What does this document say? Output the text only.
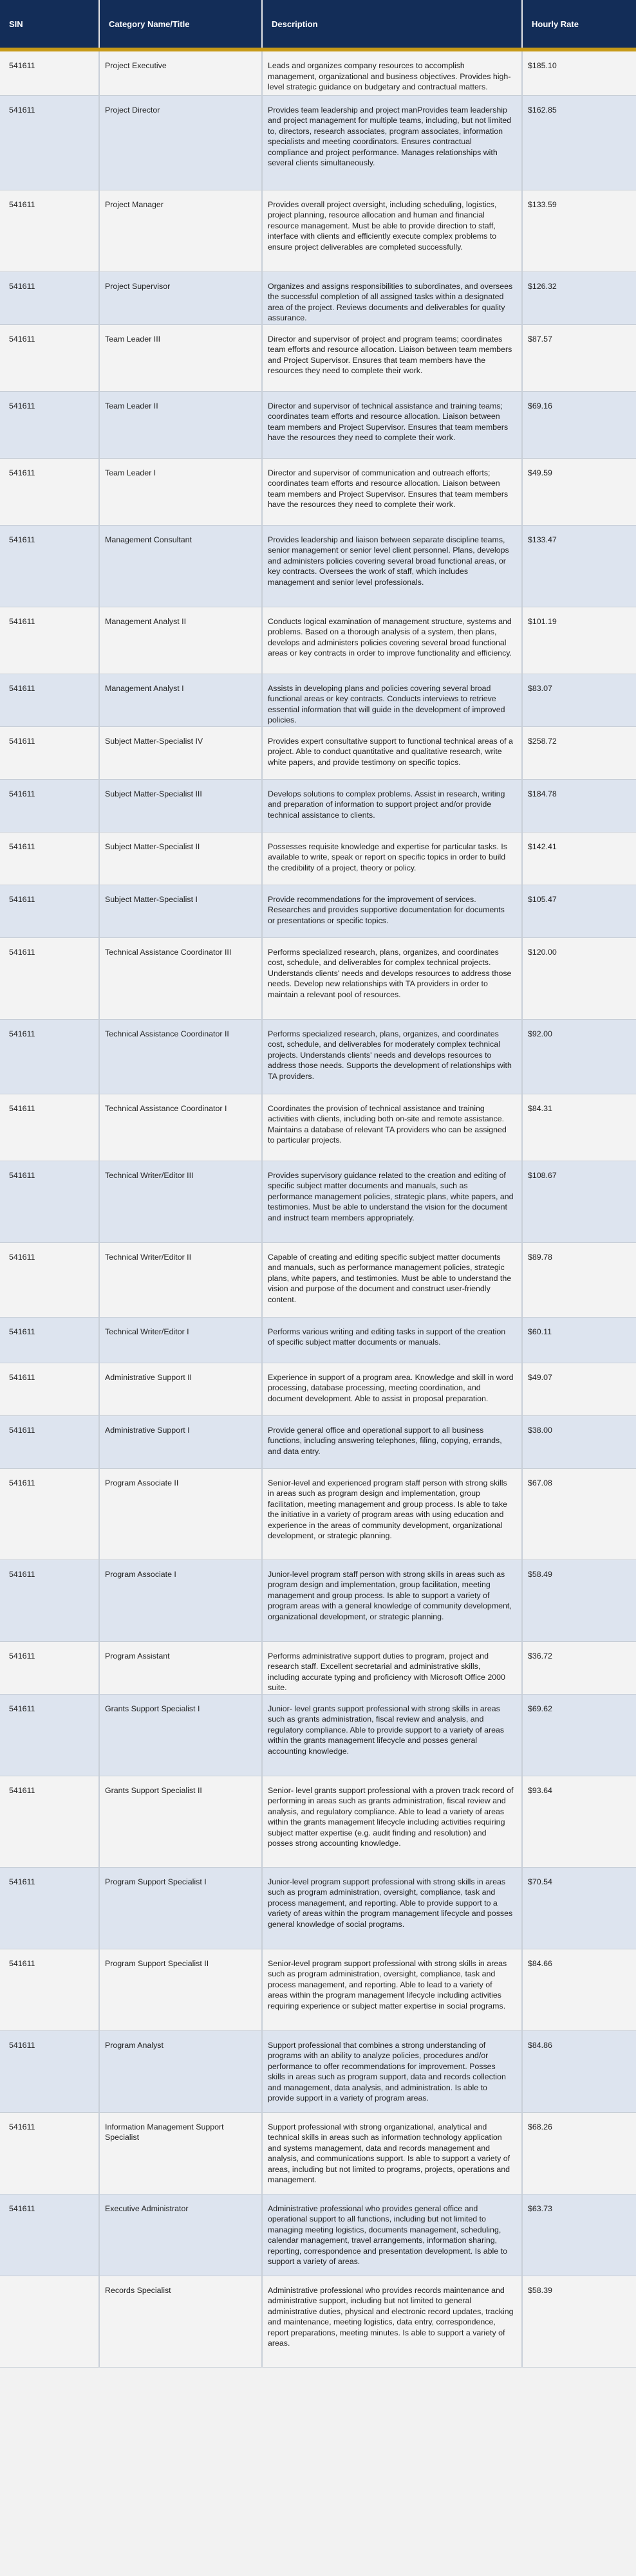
SIN	Category Name/Title	Description	Hourly Rate

541611	Project Executive	Leads and organizes company resources to accomplish management, organizational and business objectives. Provides high-level strategic guidance on budgetary and contractual matters.	$185.10

541611	Project Director	Provides team leadership and project manProvides team leadership and project management for multiple teams, including, but not limited to, directors, research associates, program associates, information specialists and meeting coordinators. Ensures contractual compliance and project performance. Manages relationships with several clients simultaneously.	$162.85

541611	Project Manager	Provides overall project oversight, including scheduling, logistics, project planning, resource allocation and human and financial resource management. Must be able to provide direction to staff, interface with clients and efficiently execute complex problems to ensure project deliverables are completed successfully.	$133.59

541611	Project Supervisor	Organizes and assigns responsibilities to subordinates, and oversees the successful completion of all assigned tasks within a designated area of the project. Reviews documents and deliverables for quality assurance.	$126.32

541611	Team Leader III	Director and supervisor of project and program teams; coordinates team efforts and resource allocation. Liaison between team members and Project Supervisor. Ensures that team members have the resources they need to complete their work.	$87.57

541611	Team Leader II	Director and supervisor of technical assistance and training teams; coordinates team efforts and resource allocation. Liaison between team members and Project Supervisor. Ensures that team members have the resources they need to complete their work.	$69.16

541611	Team Leader I	Director and supervisor of communication and outreach efforts; coordinates team efforts and resource allocation. Liaison between team members and Project Supervisor. Ensures that team members have the resources they need to complete their work.	$49.59

541611	Management Consultant	Provides leadership and liaison between separate discipline teams, senior management or senior level client personnel. Plans, develops and administers policies covering several broad functional areas, or key contracts. Oversees the work of staff, which includes management and senior level professionals.	$133.47

541611	Management Analyst II	Conducts logical examination of management structure, systems and problems. Based on a thorough analysis of a system, then plans, develops and administers policies covering several broad functional areas or key contracts in order to improve functionality and efficiency.	$101.19

541611	Management Analyst I	Assists in developing plans and policies covering several broad functional areas or key contracts. Conducts interviews to retrieve essential information that will guide in the development of improved policies.	$83.07

541611	Subject Matter-Specialist IV	Provides expert consultative support to functional technical areas of a project. Able to conduct quantitative and qualitative research, write white papers, and provide testimony on specific topics.	$258.72

541611	Subject Matter-Specialist III	Develops solutions to complex problems. Assist in research, writing and preparation of information to support project and/or provide technical assistance to clients.	$184.78

541611	Subject Matter-Specialist II	Possesses requisite knowledge and expertise for particular tasks. Is available to write, speak or report on specific topics in order to build the credibility of a project, theory or policy.	$142.41

541611	Subject Matter-Specialist I	Provide recommendations for the improvement of services. Researches and provides supportive documentation for documents or presentations or specific topics.	$105.47

541611	Technical Assistance Coordinator III	Performs specialized research, plans, organizes, and coordinates cost, schedule, and deliverables for complex technical projects. Understands clients' needs and develops resources to address those needs. Develop new relationships with TA providers in order to maintain a relevant pool of resources.	$120.00

541611	Technical Assistance Coordinator II	Performs specialized research, plans, organizes, and coordinates cost, schedule, and deliverables for moderately complex technical projects. Understands clients' needs and develops resources to address those needs. Supports the development of relationships with TA providers.	$92.00

541611	Technical Assistance Coordinator I	Coordinates the provision of technical assistance and training activities with clients, including both on-site and remote assistance. Maintains a database of relevant TA providers who can be assigned to particular projects.	$84.31

541611	Technical Writer/Editor III	Provides supervisory guidance related to the creation and editing of specific subject matter documents and manuals, such as performance management policies, strategic plans, white papers, and testimonies. Must be able to understand the vision for the document and instruct team members appropriately.	$108.67

541611	Technical Writer/Editor II	Capable of creating and editing specific subject matter documents and manuals, such as performance management policies, strategic plans, white papers, and testimonies. Must be able to understand the vision and purpose of the document and construct user-friendly content.	$89.78

541611	Technical Writer/Editor I	Performs various writing and editing tasks in support of the creation of specific subject matter documents or manuals.	$60.11

541611	Administrative Support II	Experience in support of a program area. Knowledge and skill in word processing, database processing, meeting coordination, and document development. Able to assist in proposal preparation.	$49.07

541611	Administrative Support I	Provide general office and operational support to all business functions, including answering telephones, filing, copying, errands, and data entry.	$38.00

541611	Program Associate II	Senior-level and experienced program staff person with strong skills in areas such as program design and implementation, group facilitation, meeting management and group process. Is able to take the initiative in a variety of program areas with using education and experience in the areas of community development, organizational development, or strategic planning.	$67.08

541611	Program Associate I	Junior-level program staff person with strong skills in areas such as program design and implementation, group facilitation, meeting management and group process. Is able to support a variety of program areas with a general knowledge of community development, organizational development, or strategic planning.	$58.49

541611	Program Assistant	Performs administrative support duties to program, project and research staff. Excellent secretarial and administrative skills, including accurate typing and proficiency with Microsoft Office 2000 suite.	$36.72

541611	Grants Support Specialist I	Junior- level grants support professional with strong skills in areas such as grants administration, fiscal review and analysis, and regulatory compliance. Able to provide support to a variety of areas within the grants management lifecycle and posses general accounting knowledge.	$69.62

541611	Grants Support Specialist II	Senior- level grants support professional with a proven track record of performing in areas such as grants administration, fiscal review and analysis, and regulatory compliance. Able to lead a variety of areas within the grants management lifecycle including activities requiring subject matter expertise (e.g. audit finding and resolution) and posses strong accounting knowledge.	$93.64

541611	Program Support Specialist I	Junior-level program support professional with strong skills in areas such as program administration, oversight, compliance, task and process management, and reporting. Able to provide support to a variety of areas within the program management lifecycle and posses general knowledge of social programs.	$70.54

541611	Program Support Specialist II	Senior-level program support professional with strong skills in areas such as program administration, oversight, compliance, task and process management, and reporting. Able to lead to a variety of areas within the program management lifecycle including activities requiring experience or subject matter expertise in social programs.	$84.66

541611	Program Analyst	Support professional that combines a strong understanding of programs with an ability to analyze policies, procedures and/or performance to offer recommendations for improvement. Posses skills in areas such as program support, data and records collection and management, data analysis, and administration. Is able to provide support in a variety of program areas.	$84.86

541611	Information Management Support Specialist	Support professional with strong organizational, analytical and technical skills in areas such as information technology application and systems management, data and records management and analysis, and communications support. Is able to support a variety of areas, including but not limited to programs, projects, operations and management.	$68.26

541611	Executive Administrator	Administrative professional who provides general office and operational support to all functions, including but not limited to managing meeting logistics, documents management, scheduling, calendar management, travel arrangements, information sharing, reporting, correspondence and presentation development. Is able to support a variety of areas.	$63.73

	Records Specialist	Administrative professional who provides records maintenance and administrative support, including but not limited to general administrative duties, physical and electronic record updates, tracking and maintenance, meeting logistics, data entry, correspondence, report preparations, meeting minutes. Is able to support a variety of areas.	$58.39
